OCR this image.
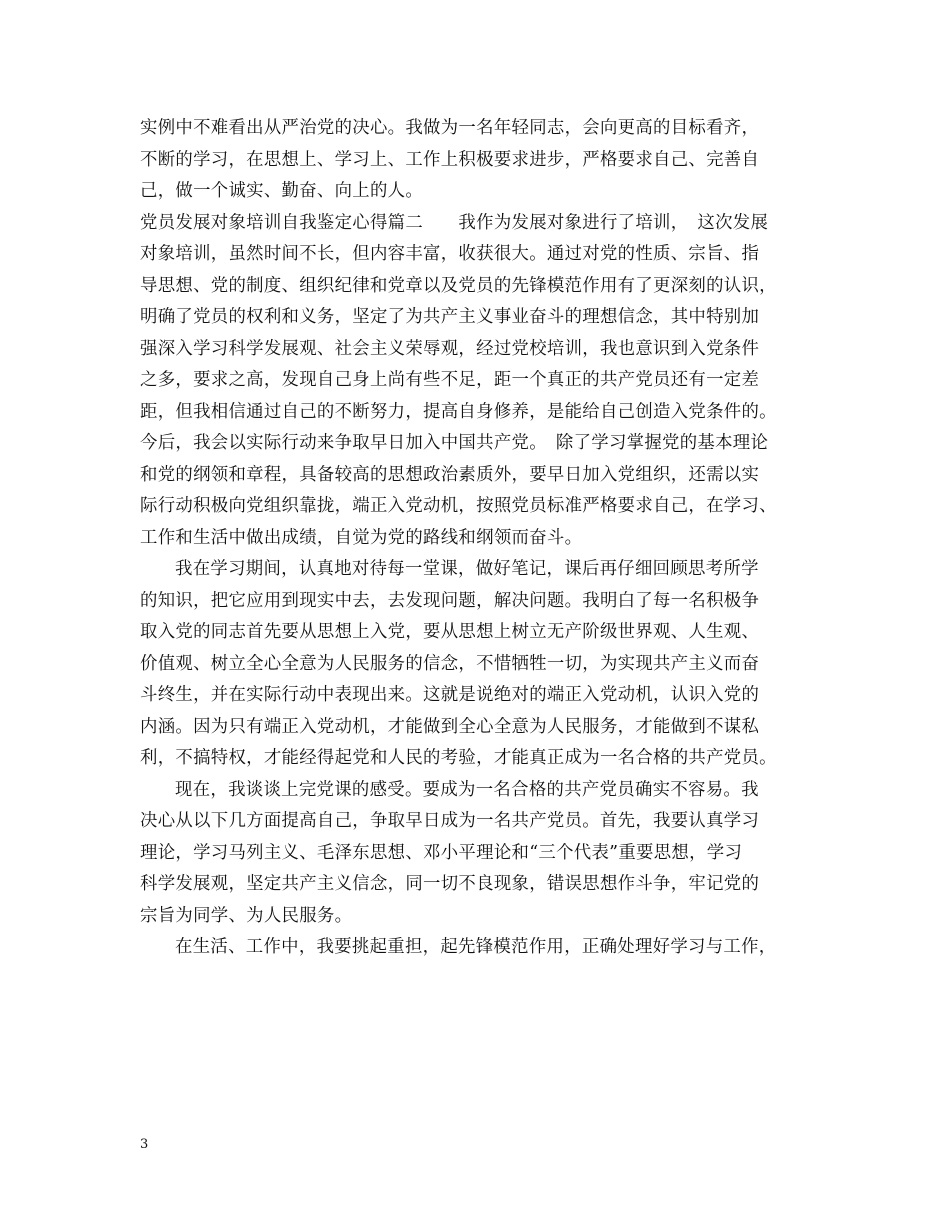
实例中不难看出从严治党的决心。我做为一名年轻同志，会向更高的目标看齐，
不断的学习，在思想上、学习上、工作上积极要求进步，严格要求自己、完善自
己，做一个诚实、勤奋、向上的人。
党员发展对象培训自我鉴定心得篇二　　我作为发展对象进行了培训，　这次发展
对象培训，虽然时间不长，但内容丰富，收获很大。通过对党的性质、宗旨、指
导思想、党的制度、组织纪律和党章以及党员的先锋模范作用有了更深刻的认识，
明确了党员的权利和义务，坚定了为共产主义事业奋斗的理想信念，其中特别加
强深入学习科学发展观、社会主义荣辱观，经过党校培训，我也意识到入党条件
之多，要求之高，发现自己身上尚有些不足，距一个真正的共产党员还有一定差
距，但我相信通过自己的不断努力，提高自身修养，是能给自己创造入党条件的。
今后，我会以实际行动来争取早日加入中国共产党。　除了学习掌握党的基本理论
和党的纲领和章程，具备较高的思想政治素质外，要早日加入党组织，还需以实
际行动积极向党组织靠拢，端正入党动机，按照党员标准严格要求自己，在学习、
工作和生活中做出成绩，自觉为党的路线和纲领而奋斗。
我在学习期间，认真地对待每一堂课，做好笔记，课后再仔细回顾思考所学
的知识，把它应用到现实中去，去发现问题，解决问题。我明白了每一名积极争
取入党的同志首先要从思想上入党，要从思想上树立无产阶级世界观、人生观、
价值观、树立全心全意为人民服务的信念，不惜牺牲一切，为实现共产主义而奋
斗终生，并在实际行动中表现出来。这就是说绝对的端正入党动机，认识入党的
内涵。因为只有端正入党动机，才能做到全心全意为人民服务，才能做到不谋私
利，不搞特权，才能经得起党和人民的考验，才能真正成为一名合格的共产党员。
现在，我谈谈上完党课的感受。要成为一名合格的共产党员确实不容易。我
决心从以下几方面提高自己，争取早日成为一名共产党员。首先，我要认真学习
理论，学习马列主义、毛泽东思想、邓小平理论和“三个代表”重要思想，学习
科学发展观，坚定共产主义信念，同一切不良现象，错误思想作斗争，牢记党的
宗旨为同学、为人民服务。
在生活、工作中，我要挑起重担，起先锋模范作用，正确处理好学习与工作，
3
